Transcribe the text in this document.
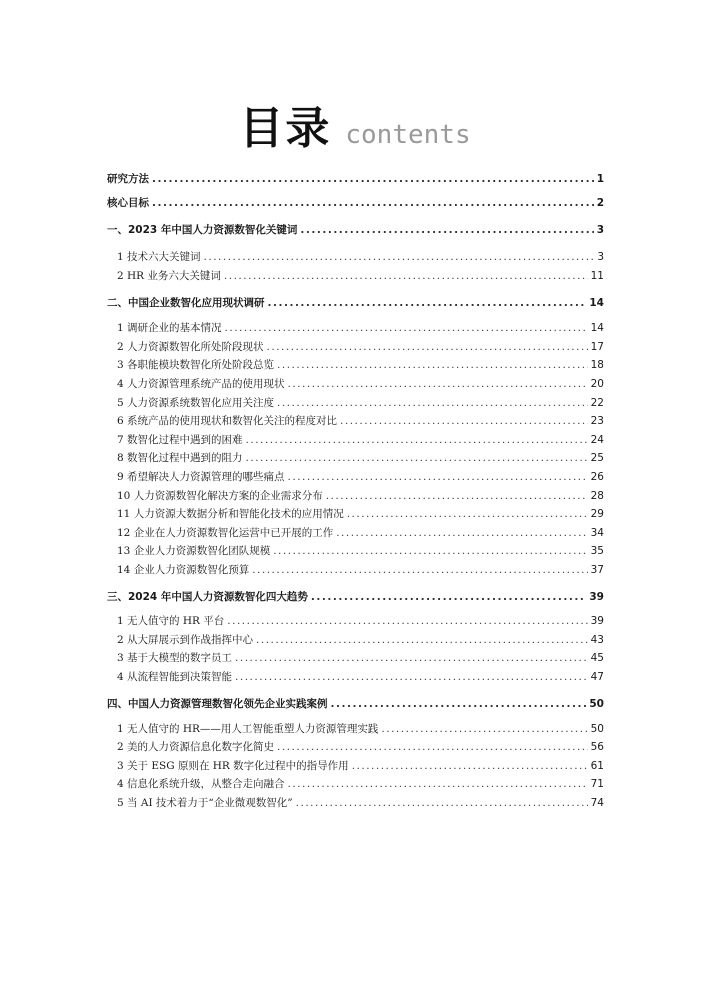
目录 contents
研究方法 .....	1
核心目标 .....	2
一、2023 年中国人力资源数智化关键词 .....	3
1 技术六大关键词 .....	3
2 HR 业务六大关键词 .....	11
二、中国企业数智化应用现状调研 .....	14
1 调研企业的基本情况 .....	14
2 人力资源数智化所处阶段现状 .....	17
3 各职能模块数智化所处阶段总览 .....	18
4 人力资源管理系统产品的使用现状 .....	20
5 人力资源系统数智化应用关注度 .....	22
6 系统产品的使用现状和数智化关注的程度对比 .....	23
7 数智化过程中遇到的困难 .....	24
8 数智化过程中遇到的阻力 .....	25
9 希望解决人力资源管理的哪些痛点 .....	26
10 人力资源数智化解决方案的企业需求分布 .....	28
11 人力资源大数据分析和智能化技术的应用情况 .....	29
12 企业在人力资源数智化运营中已开展的工作 .....	34
13 企业人力资源数智化团队规模 .....	35
14 企业人力资源数智化预算 .....	37
三、2024 年中国人力资源数智化四大趋势 .....	39
1 无人值守的 HR 平台 .....	39
2 从大屏展示到作战指挥中心 .....	43
3 基于大模型的数字员工 .....	45
4 从流程智能到决策智能 .....	47
四、中国人力资源管理数智化领先企业实践案例 .....	50
1 无人值守的 HR——用人工智能重塑人力资源管理实践 .....	50
2 美的人力资源信息化数字化简史 .....	56
3 关于 ESG 原则在 HR 数字化过程中的指导作用 .....	61
4 信息化系统升级，从整合走向融合 .....	71
5 当 AI 技术着力于“企业微观数智化” .....	74
